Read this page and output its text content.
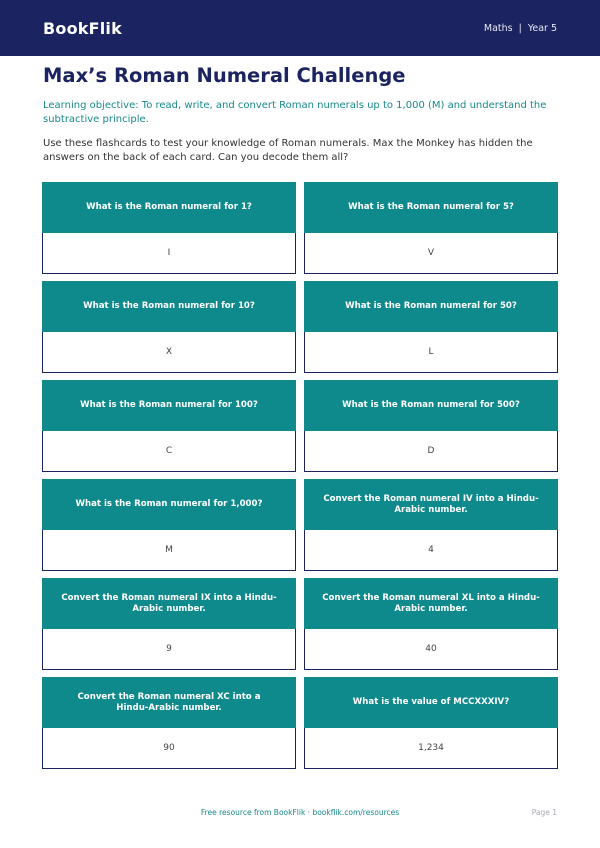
BookFlik	Maths | Year 5
Max’s Roman Numeral Challenge
Learning objective: To read, write, and convert Roman numerals up to 1,000 (M) and understand the subtractive principle.
Use these flashcards to test your knowledge of Roman numerals. Max the Monkey has hidden the answers on the back of each card. Can you decode them all?
What is the Roman numeral for 1?
I
What is the Roman numeral for 5?
V
What is the Roman numeral for 10?
X
What is the Roman numeral for 50?
L
What is the Roman numeral for 100?
C
What is the Roman numeral for 500?
D
What is the Roman numeral for 1,000?
M
Convert the Roman numeral IV into a Hindu-Arabic number.
4
Convert the Roman numeral IX into a Hindu-Arabic number.
9
Convert the Roman numeral XL into a Hindu-Arabic number.
40
Convert the Roman numeral XC into a Hindu-Arabic number.
90
What is the value of MCCXXXIV?
1,234
Free resource from BookFlik · bookflik.com/resources	Page 1
